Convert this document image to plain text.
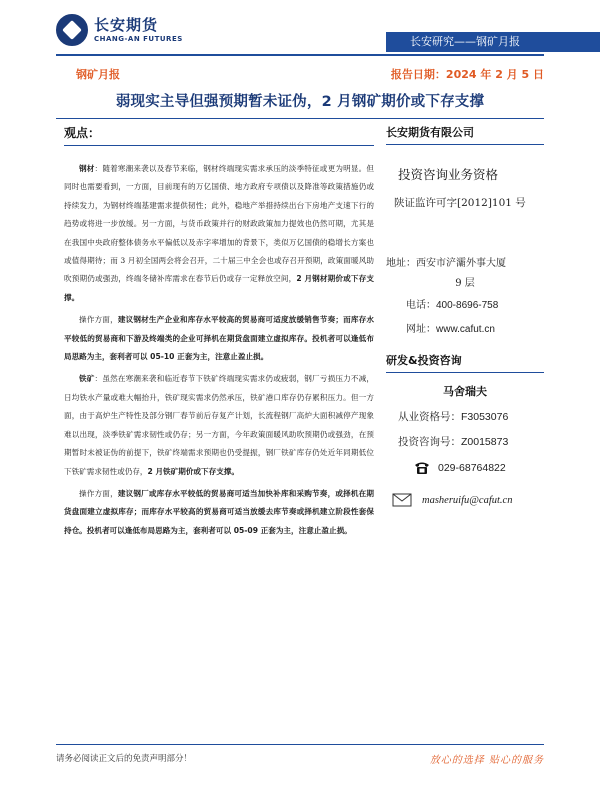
长安期货
CHANG-AN FUTURES	长安研究——钢矿月报
钢矿月报	报告日期：2024 年 2 月 5 日
弱现实主导但强预期暂未证伪，2 月钢矿期价或下存支撑
观点：

钢材：随着寒潮来袭以及春节来临，钢材终端现实需求承压的淡季特征或更为明显。但同时也需要看到，一方面，目前现有的万亿国债、地方政府专项债以及降准等政策措施仍或持续发力，为钢材终端基建需求提供韧性；此外，稳地产举措持续出台下房地产支速下行的趋势或将进一步放缓。另一方面，与货币政策并行的财政政策加力提效也仍然可期，尤其是在我国中央政府整体债务水平偏低以及赤字率增加的背景下，类似万亿国债的稳增长方案也或值得期待；而 3 月初全国两会将会召开，二十届三中全会也或存召开预期，政策面暖风助吹预期仍或强劲，终端冬储补库需求在春节后仍或存一定释放空间，2 月钢材期价或下存支撑。

操作方面，建议钢材生产企业和库存水平较高的贸易商可适度放缓销售节奏；而库存水平较低的贸易商和下游及终端类的企业可择机在期货盘面建立虚拟库存。投机者可以逢低布局思路为主，套利者可以 05-10 正套为主，注意止盈止损。

铁矿：虽然在寒潮来袭和临近春节下铁矿终端现实需求仍或疲弱，钢厂亏损压力不减，日均铁水产量或难大幅抬升，铁矿现实需求仍然承压，铁矿港口库存仍存累积压力。但一方面，由于高炉生产特性及部分钢厂春节前后存复产计划，长流程钢厂高炉大面积减停产现象难以出现，淡季铁矿需求韧性或仍存；另一方面，今年政策面暖风助吹预期仍或强劲，在预期暂时未被证伪的前提下，铁矿终端需求预期也仍受提振，钢厂铁矿库存仍处近年同期低位下铁矿需求韧性或仍存，2 月铁矿期价或下存支撑。

操作方面，建议钢厂或库存水平较低的贸易商可适当加快补库和采购节奏，或择机在期货盘面建立虚拟库存；而库存水平较高的贸易商可适当放缓去库节奏或择机建立阶段性套保持仓。投机者可以逢低布局思路为主，套利者可以 05-09 正套为主，注意止盈止损。

长安期货有限公司
投资咨询业务资格
陕证监许可字[2012]101 号
地址：西安市浐灞外事大厦
9 层
电话：400-8696-758
网址：www.cafut.cn
研发&投资咨询
马舍瑞夫
从业资格号：F3053076
投资咨询号：Z0015873
029-68764822
masheruifu@cafut.cn
请务必阅读正文后的免责声明部分！	放心的选择 贴心的服务
